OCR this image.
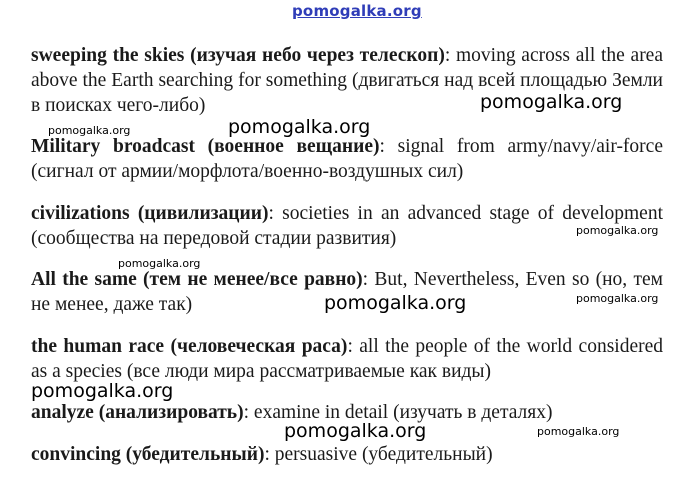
pomogalka.org
sweeping the skies (изучая небо через телескоп): moving across all the area above the Earth searching for something (двигаться над всей площадью Земли в поисках чего-либо)
Military broadcast (военное вещание): signal from army/navy/air-force (сигнал от армии/морфлота/военно-воздушных сил)
civilizations (цивилизации): societies in an advanced stage of development (сообщества на передовой стадии развития)
All the same (тем не менее/все равно): But, Nevertheless, Even so (но, тем не менее, даже так)
the human race (человеческая раса): all the people of the world considered as a species (все люди мира рассматриваемые как виды)
analyze (анализировать): examine in detail (изучать в деталях)
convincing (убедительный): persuasive (убедительный)
pomogalka.org
pomogalka.org	pomogalka.org
pomogalka.org
pomogalka.org
pomogalka.org	pomogalka.org
pomogalka.org
pomogalka.org	pomogalka.org
